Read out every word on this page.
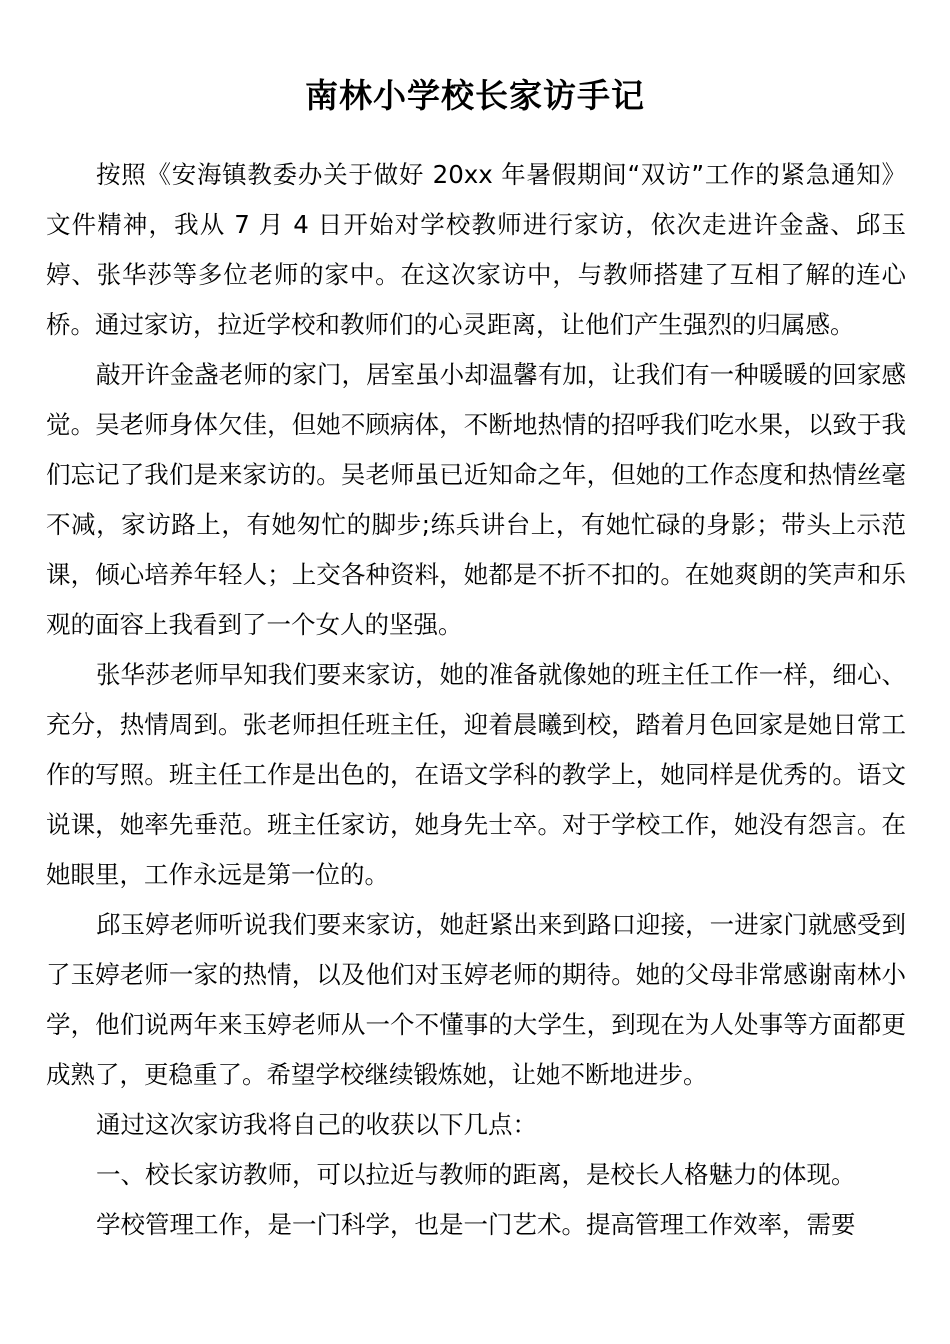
南林小学校长家访手记

按照《安海镇教委办关于做好 20xx 年暑假期间“双访”工作的紧急通知》文件精神，我从 7 月 4 日开始对学校教师进行家访，依次走进许金盏、邱玉婷、张华莎等多位老师的家中。在这次家访中，与教师搭建了互相了解的连心桥。通过家访，拉近学校和教师们的心灵距离，让他们产生强烈的归属感。

敲开许金盏老师的家门，居室虽小却温馨有加，让我们有一种暖暖的回家感觉。吴老师身体欠佳，但她不顾病体，不断地热情的招呼我们吃水果，以致于我们忘记了我们是来家访的。吴老师虽已近知命之年，但她的工作态度和热情丝毫不减，家访路上，有她匆忙的脚步;练兵讲台上，有她忙碌的身影；带头上示范课，倾心培养年轻人；上交各种资料，她都是不折不扣的。在她爽朗的笑声和乐观的面容上我看到了一个女人的坚强。

张华莎老师早知我们要来家访，她的准备就像她的班主任工作一样，细心、充分，热情周到。张老师担任班主任，迎着晨曦到校，踏着月色回家是她日常工作的写照。班主任工作是出色的，在语文学科的教学上，她同样是优秀的。语文说课，她率先垂范。班主任家访，她身先士卒。对于学校工作，她没有怨言。在她眼里，工作永远是第一位的。

邱玉婷老师听说我们要来家访，她赶紧出来到路口迎接，一进家门就感受到了玉婷老师一家的热情，以及他们对玉婷老师的期待。她的父母非常感谢南林小学，他们说两年来玉婷老师从一个不懂事的大学生，到现在为人处事等方面都更成熟了，更稳重了。希望学校继续锻炼她，让她不断地进步。

通过这次家访我将自己的收获以下几点：

一、校长家访教师，可以拉近与教师的距离，是校长人格魅力的体现。

学校管理工作，是一门科学，也是一门艺术。提高管理工作效率，需要
